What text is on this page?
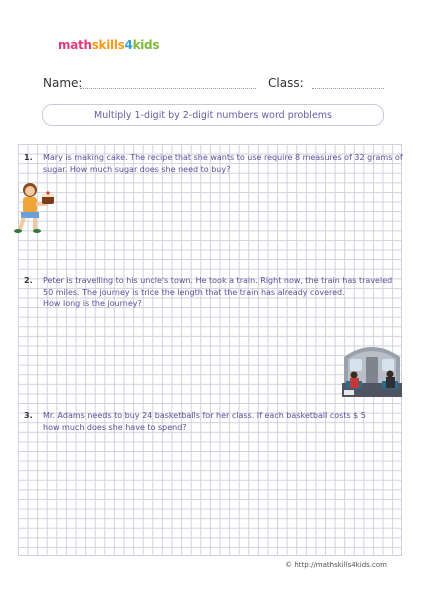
mathskills4kids
Name:	Class:
Multiply 1-digit by 2-digit numbers word problems
1. Mary is making cake. The recipe that she wants to use require 8 measures of 32 grams of sugar. How much sugar does she need to buy?
2. Peter is travelling to his uncle's town. He took a train. Right now, the train has traveled 50 miles. The journey is trice the length that the train has already covered.
How long is the journey?
3. Mr. Adams needs to buy 24 basketballs for her class. If each basketball costs $ 5
how much does she have to spend?
© http://mathskills4kids.com
